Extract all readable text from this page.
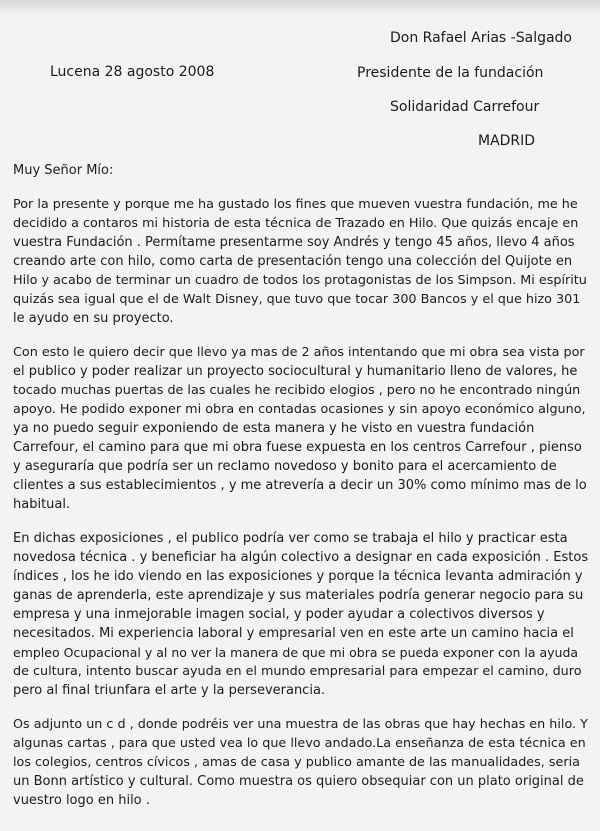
Don Rafael Arias -Salgado
Presidente de la fundación
Solidaridad Carrefour
MADRID
Lucena 28 agosto 2008
Muy Señor Mío:
Por la presente y porque me ha gustado los fines que mueven vuestra fundación, me he
decidido a contaros mi historia de esta técnica de Trazado en Hilo. Que quizás encaje en
vuestra Fundación . Permítame presentarme soy Andrés y tengo 45 años, llevo 4 años
creando arte con hilo, como carta de presentación tengo una colección del Quijote en
Hilo y acabo de terminar un cuadro de todos los protagonistas de los Simpson. Mi espíritu
quizás sea igual que el de Walt Disney, que tuvo que tocar 300 Bancos y el que hizo 301
le ayudo en su proyecto.
Con esto le quiero decir que llevo ya mas de 2 años intentando que mi obra sea vista por
el publico y poder realizar un proyecto sociocultural y humanitario lleno de valores, he
tocado muchas puertas de las cuales he recibido elogios , pero no he encontrado ningún
apoyo. He podido exponer mi obra en contadas ocasiones y sin apoyo económico alguno,
ya no puedo seguir exponiendo de esta manera y he visto en vuestra fundación
Carrefour, el camino para que mi obra fuese expuesta en los centros Carrefour , pienso
y aseguraría que podría ser un reclamo novedoso y bonito para el acercamiento de
clientes a sus establecimientos , y me atrevería a decir un 30% como mínimo mas de lo
habitual.
En dichas exposiciones , el publico podría ver como se trabaja el hilo y practicar esta
novedosa técnica . y beneficiar ha algún colectivo a designar en cada exposición . Estos
índices , los he ido viendo en las exposiciones y porque la técnica levanta admiración y
ganas de aprenderla, este aprendizaje y sus materiales podría generar negocio para su
empresa y una inmejorable imagen social, y poder ayudar a colectivos diversos y
necesitados. Mi experiencia laboral y empresarial ven en este arte un camino hacia el
empleo Ocupacional y al no ver la manera de que mi obra se pueda exponer con la ayuda
de cultura, intento buscar ayuda en el mundo empresarial para empezar el camino, duro
pero al final triunfara el arte y la perseverancia.
Os adjunto un c d , donde podréis ver una muestra de las obras que hay hechas en hilo. Y
algunas cartas , para que usted vea lo que llevo andado.La enseñanza de esta técnica en
los colegios, centros cívicos , amas de casa y publico amante de las manualidades, seria
un Bonn artístico y cultural. Como muestra os quiero obsequiar con un plato original de
vuestro logo en hilo .
